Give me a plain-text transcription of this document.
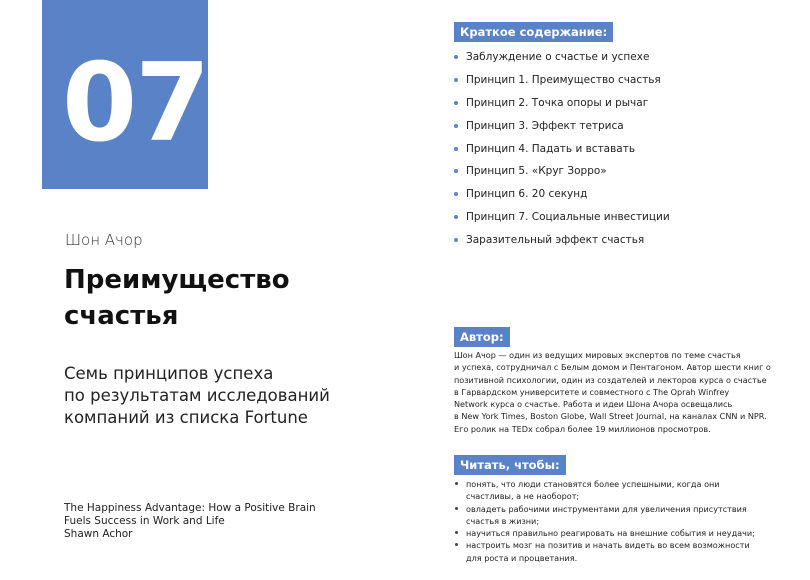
07
Шон Ачор
Преимущество
счастья
Семь принципов успеха
по результатам исследований
компаний из списка Fortune
The Happiness Advantage: How a Positive Brain
Fuels Success in Work and Life
Shawn Achor
Краткое содержание:
Заблуждение о счастье и успехе
Принцип 1. Преимущество счастья
Принцип 2. Точка опоры и рычаг
Принцип 3. Эффект тетриса
Принцип 4. Падать и вставать
Принцип 5. «Круг Зорро»
Принцип 6. 20 секунд
Принцип 7. Социальные инвестиции
Заразительный эффект счастья
Автор:
Шон Ачор — один из ведущих мировых экспертов по теме счастья
и успеха, сотрудничал с Белым домом и Пентагоном. Автор шести книг о
позитивной психологии, один из создателей и лекторов курса о счастье
в Гарвардском университете и совместного с The Oprah Winfrey
Network курса о счастье. Работа и идеи Шона Ачора освещались
в New York Times, Boston Globe, Wall Street Journal, на каналах CNN и NPR.
Его ролик на TEDx собрал более 19 миллионов просмотров.
Читать, чтобы:
понять, что люди становятся более успешными, когда они
счастливы, а не наоборот;
овладеть рабочими инструментами для увеличения присутствия
счастья в жизни;
научиться правильно реагировать на внешние события и неудачи;
настроить мозг на позитив и начать видеть во всем возможности
для роста и процветания.
